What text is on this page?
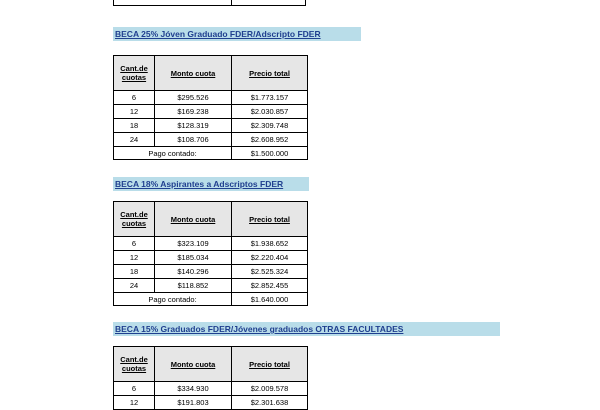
BECA 25% Jóven Graduado FDER/Adscripto FDER
Cant.de cuotas	Monto cuota	Precio total
6	$295.526	$1.773.157
12	$169.238	$2.030.857
18	$128.319	$2.309.748
24	$108.706	$2.608.952
Pago contado:		$1.500.000
BECA 18% Aspirantes a Adscriptos FDER
Cant.de cuotas	Monto cuota	Precio total
6	$323.109	$1.938.652
12	$185.034	$2.220.404
18	$140.296	$2.525.324
24	$118.852	$2.852.455
Pago contado:		$1.640.000
BECA 15% Graduados FDER/Jóvenes graduados OTRAS FACULTADES
Cant.de cuotas	Monto cuota	Precio total
6	$334.930	$2.009.578
12	$191.803	$2.301.638
